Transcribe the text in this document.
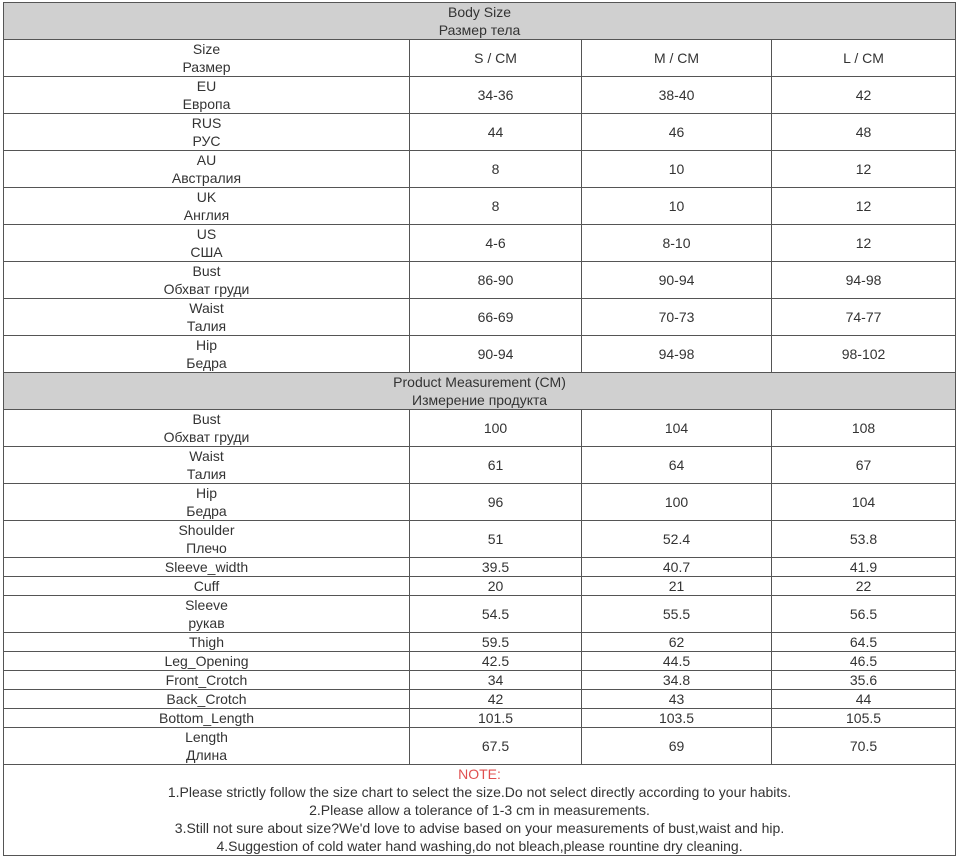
Body Size
Размер тела			

Size
Размер	S / CM	M / CM	L / CM

EU
Европа	34-36	38-40	42

RUS
РУС	44	46	48

AU
Австралия	8	10	12

UK
Англия	8	10	12

US
США	4-6	8-10	12

Bust
Обхват груди	86-90	90-94	94-98

Waist
Талия	66-69	70-73	74-77

Hip
Бедра	90-94	94-98	98-102

Product Measurement (CM)
Измерение продукта			

Bust
Обхват груди	100	104	108

Waist
Талия	61	64	67

Hip
Бедра	96	100	104

Shoulder
Плечо	51	52.4	53.8

Sleeve_width	39.5	40.7	41.9

Cuff	20	21	22

Sleeve
рукав	54.5	55.5	56.5

Thigh	59.5	62	64.5

Leg_Opening	42.5	44.5	46.5

Front_Crotch	34	34.8	35.6

Back_Crotch	42	43	44

Bottom_Length	101.5	103.5	105.5

Length
Длина	67.5	69	70.5

NOTE:
1.Please strictly follow the size chart to select the size.Do not select directly according to your habits.
2.Please allow a tolerance of 1-3 cm in measurements.
3.Still not sure about size?We'd love to advise based on your measurements of bust,waist and hip.
4.Suggestion of cold water hand washing,do not bleach,please rountine dry cleaning.			
